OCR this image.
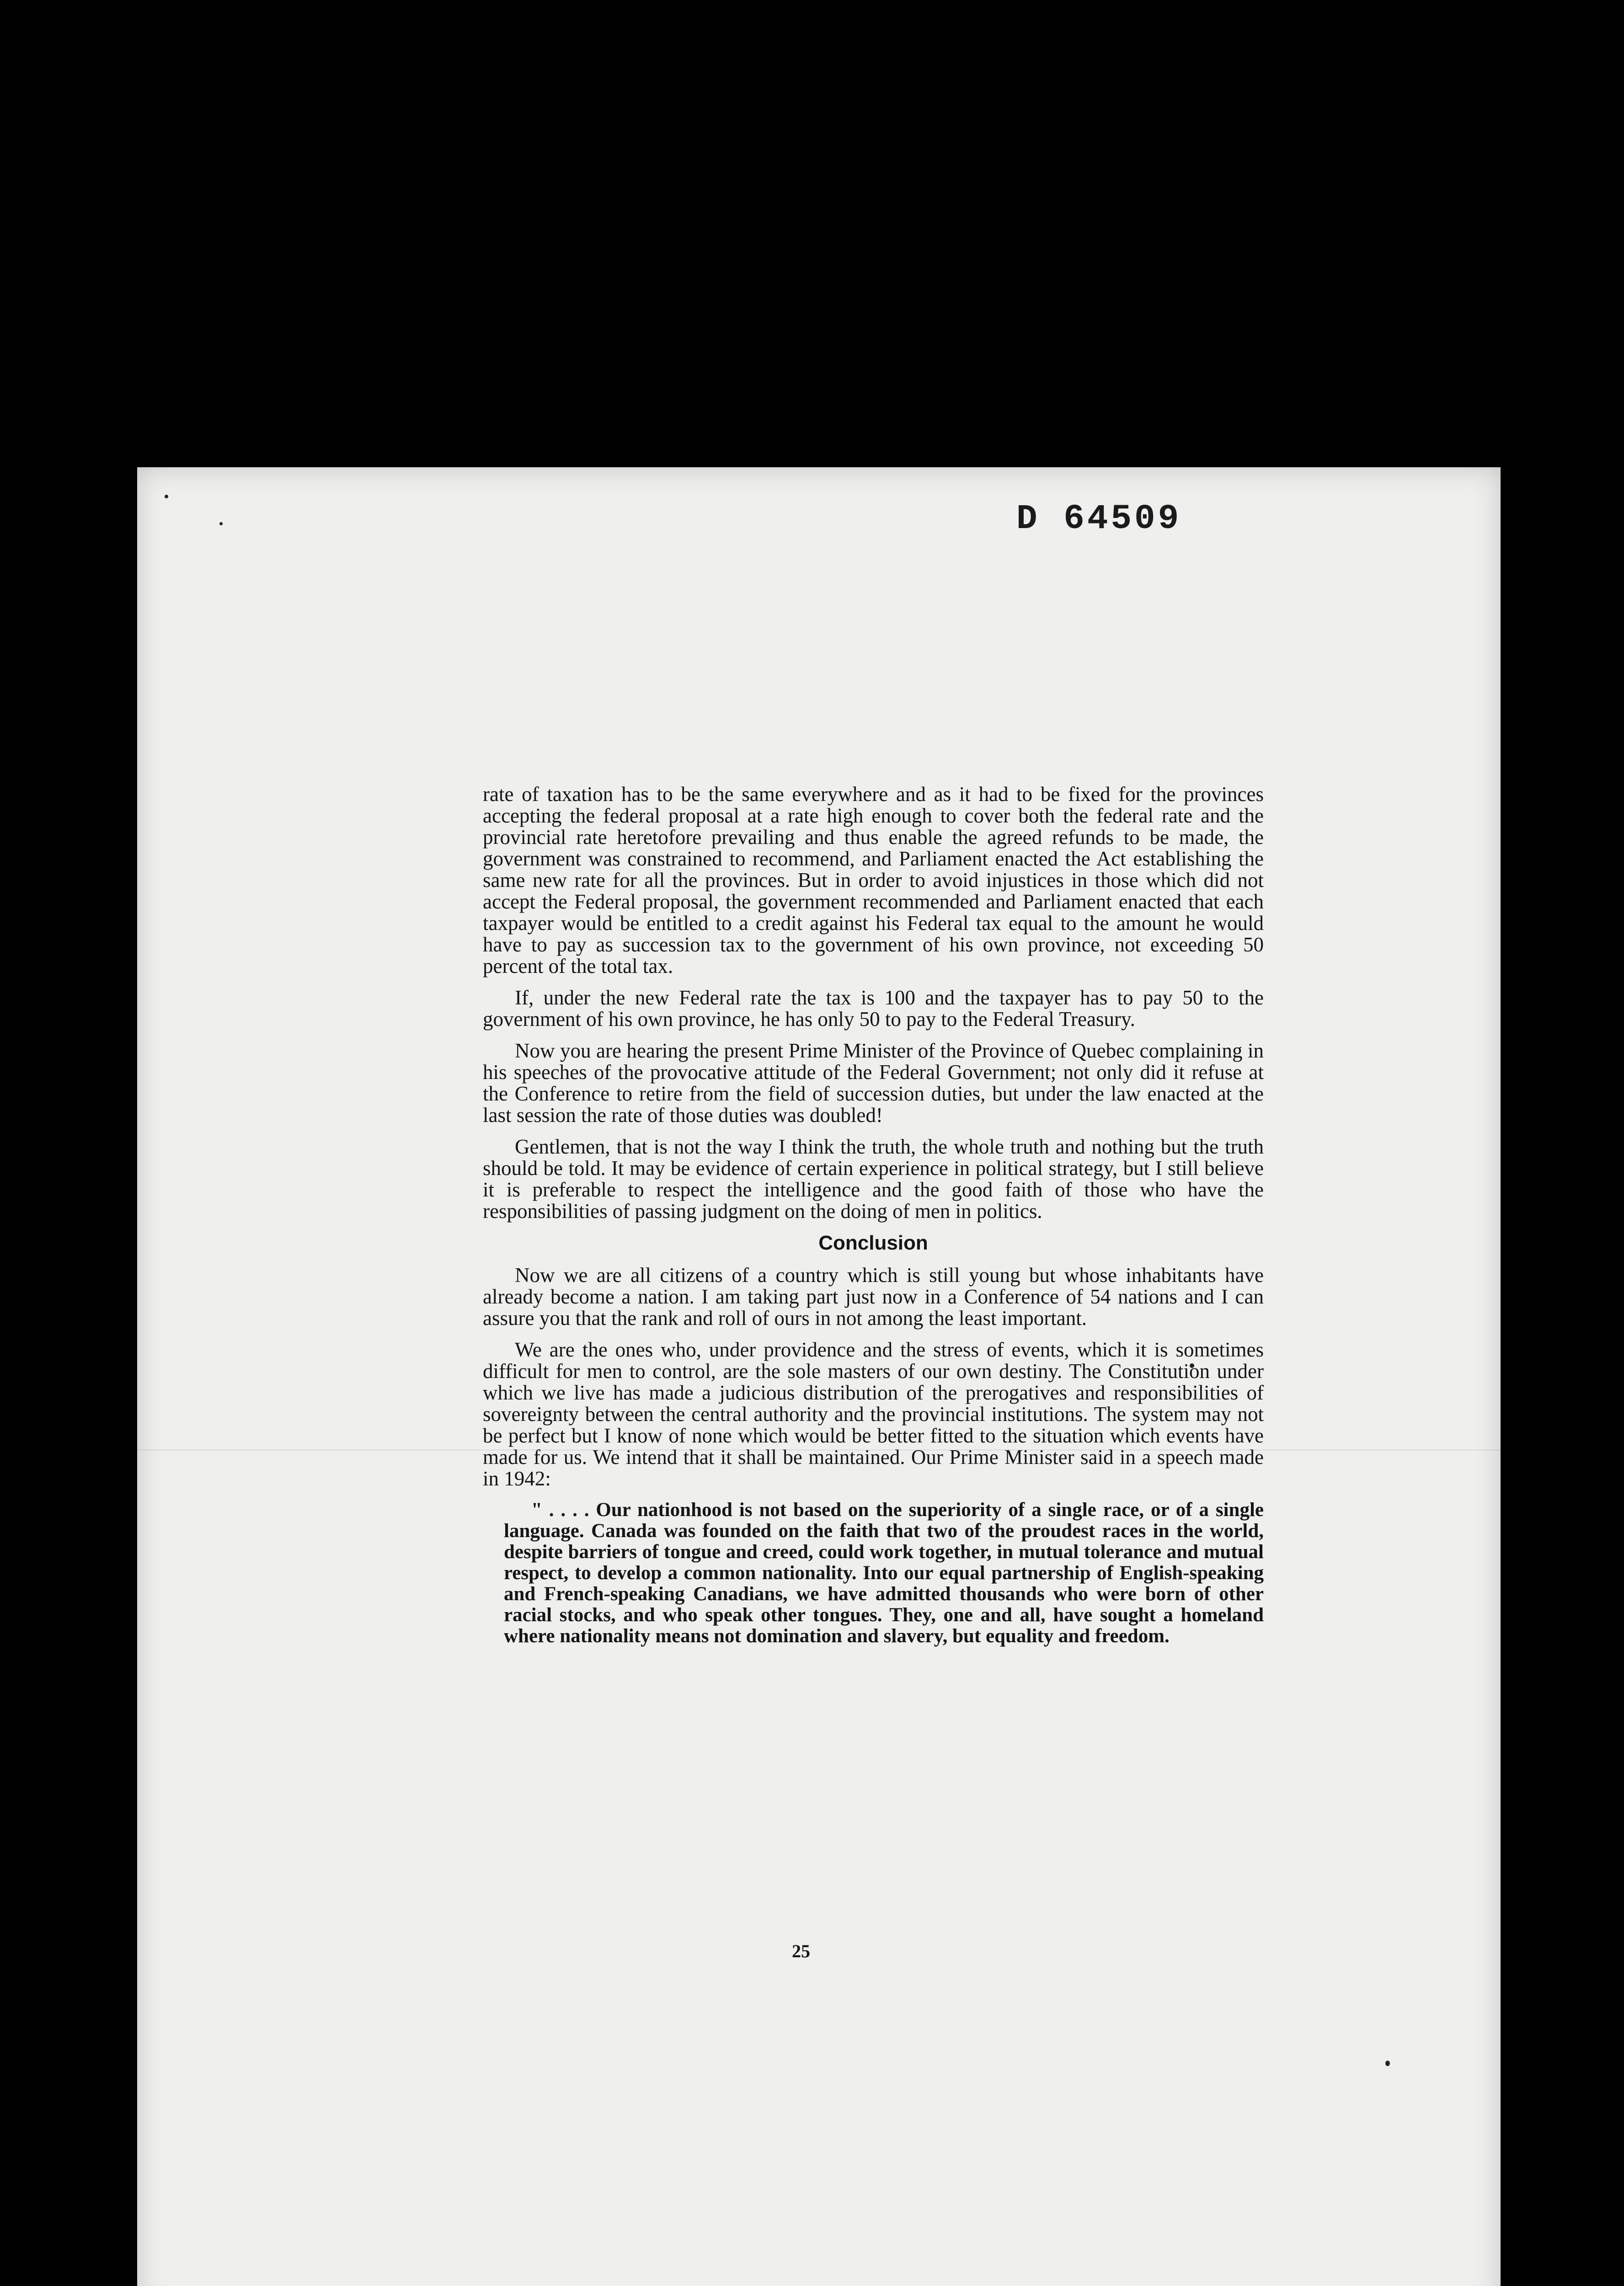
D 64509

rate of taxation has to be the same everywhere and as it had to be fixed for the provinces accepting the federal proposal at a rate high enough to cover both the federal rate and the provincial rate heretofore prevailing and thus enable the agreed refunds to be made, the government was constrained to recommend, and Parliament enacted the Act establishing the same new rate for all the provinces. But in order to avoid injustices in those which did not accept the Federal proposal, the government recommended and Parliament enacted that each taxpayer would be entitled to a credit against his Federal tax equal to the amount he would have to pay as succession tax to the government of his own province, not exceeding 50 percent of the total tax.

If, under the new Federal rate the tax is 100 and the taxpayer has to pay 50 to the government of his own province, he has only 50 to pay to the Federal Treasury.

Now you are hearing the present Prime Minister of the Province of Quebec complaining in his speeches of the provocative attitude of the Federal Government; not only did it refuse at the Conference to retire from the field of succession duties, but under the law enacted at the last session the rate of those duties was doubled!

Gentlemen, that is not the way I think the truth, the whole truth and nothing but the truth should be told. It may be evidence of certain experience in political strategy, but I still believe it is preferable to respect the intelligence and the good faith of those who have the responsibilities of passing judgment on the doing of men in politics.

Conclusion

Now we are all citizens of a country which is still young but whose inhabitants have already become a nation. I am taking part just now in a Conference of 54 nations and I can assure you that the rank and roll of ours in not among the least important.

We are the ones who, under providence and the stress of events, which it is sometimes difficult for men to control, are the sole masters of our own destiny. The Constitution under which we live has made a judicious distribution of the prerogatives and responsibilities of sovereignty between the central authority and the provincial institutions. The system may not be perfect but I know of none which would be better fitted to the situation which events have made for us. We intend that it shall be maintained. Our Prime Minister said in a speech made in 1942:

" . . . . Our nationhood is not based on the superiority of a single race, or of a single language. Canada was founded on the faith that two of the proudest races in the world, despite barriers of tongue and creed, could work together, in mutual tolerance and mutual respect, to develop a common nationality. Into our equal partnership of English-speaking and French-speaking Canadians, we have admitted thousands who were born of other racial stocks, and who speak other tongues. They, one and all, have sought a homeland where nationality means not domination and slavery, but equality and freedom.
25
